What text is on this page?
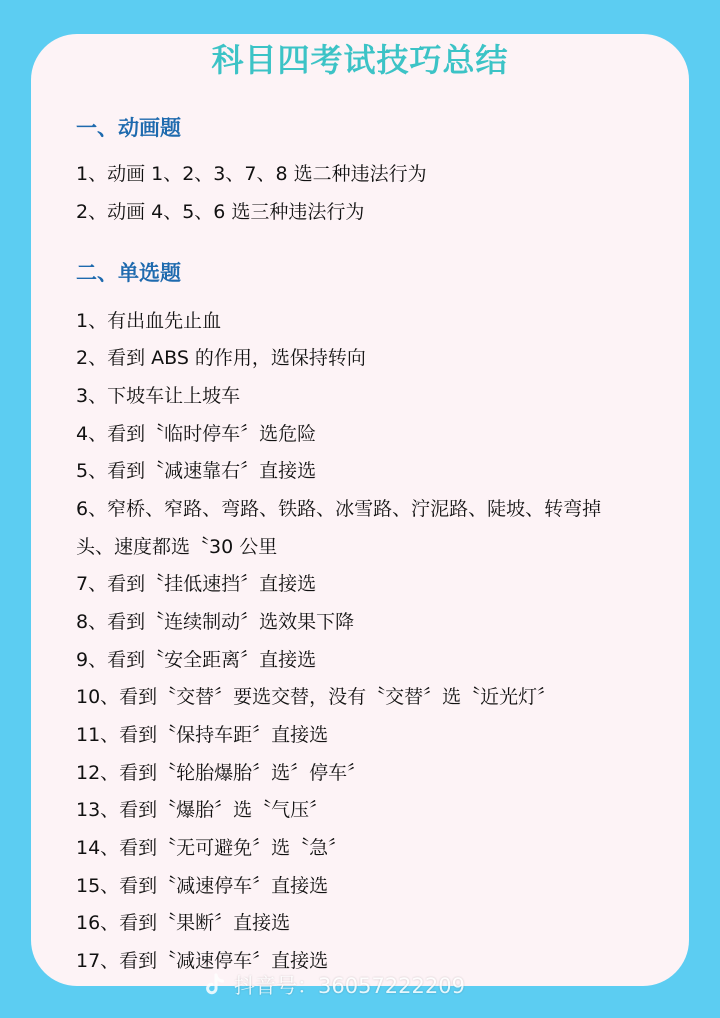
科目四考试技巧总结
一、动画题
1、动画 1、2、3、7、8 选二种违法行为
2、动画 4、5、6 选三种违法行为
二、单选题
1、有出血先止血
2、看到 ABS 的作用，选保持转向
3、下坡车让上坡车
4、看到〝临时停车〞选危险
5、看到〝减速靠右〞直接选
6、窄桥、窄路、弯路、铁路、冰雪路、泞泥路、陡坡、转弯掉
头、速度都选〝30 公里
7、看到〝挂低速挡〞直接选
8、看到〝连续制动〞选效果下降
9、看到〝安全距离〞直接选
10、看到〝交替〞要选交替，没有〝交替〞选〝近光灯〞
11、看到〝保持车距〞直接选
12、看到〝轮胎爆胎〞选〞停车〞
13、看到〝爆胎〞选〝气压〞
14、看到〝无可避免〞选〝急〞
15、看到〝减速停车〞直接选
16、看到〝果断〞直接选
17、看到〝减速停车〞直接选
抖音号：36057222209
